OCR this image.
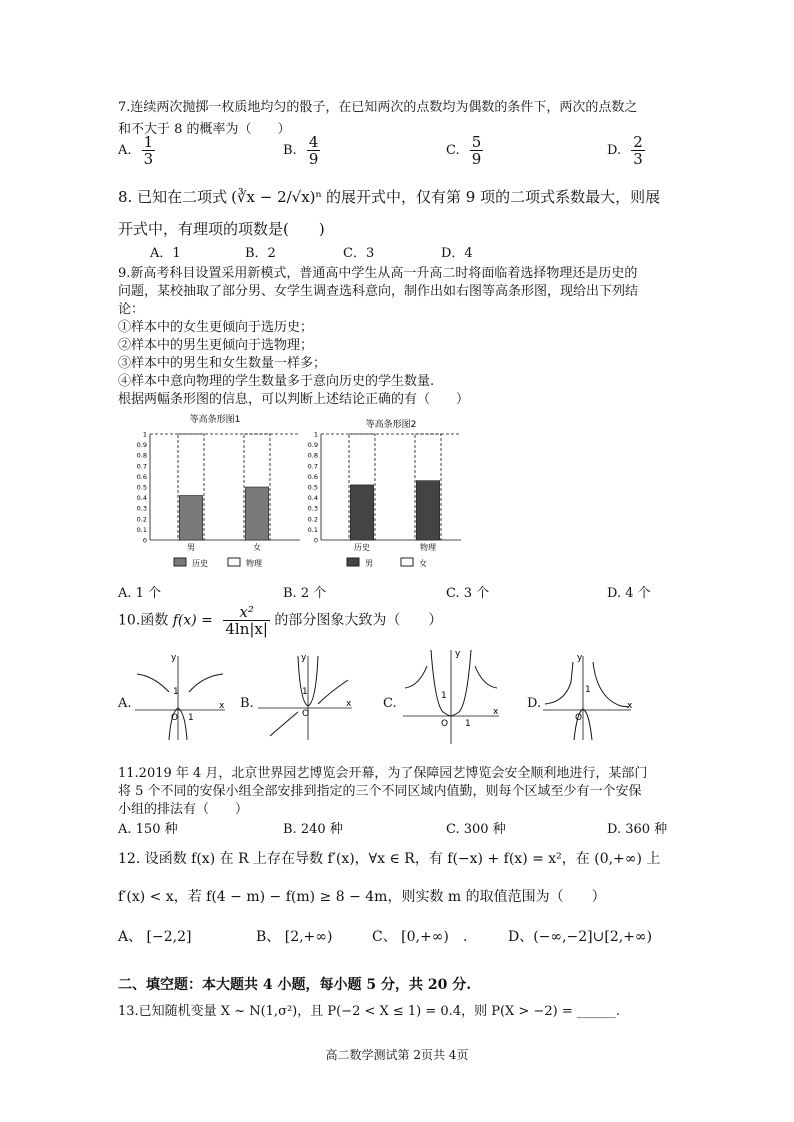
7.连续两次抛掷一枚质地均匀的骰子，在已知两次的点数均为偶数的条件下，两次的点数之
和不大于 8 的概率为（　　）
A. $\frac{1}{3}$	B. $\frac{4}{9}$	C. $\frac{5}{9}$	D. $\frac{2}{3}$
8. 已知在二项式 (∛x − 2/√x)ⁿ 的展开式中，仅有第 9 项的二项式系数最大，则展
开式中，有理项的项数是(　　)
A．1	B．2	C．3	D．4
9.新高考科目设置采用新模式，普通高中学生从高一升高二时将面临着选择物理还是历史的
问题，某校抽取了部分男、女学生调查选科意向，制作出如右图等高条形图，现给出下列结
论：
①样本中的女生更倾向于选历史；
②样本中的男生更倾向于选物理；
③样本中的男生和女生数量一样多；
④样本中意向物理的学生数量多于意向历史的学生数量.
根据两幅条形图的信息，可以判断上述结论正确的有（　　）
等高条形图1
0
0.1
0.2
0.3
0.4
0.5
0.6
0.7
0.8
0.9
1
男	女
历史	物理
等高条形图2
0
0.1
0.2
0.3
0.4
0.5
0.6
0.7
0.8
0.9
1
历史	物理
男	女
A. 1 个	B. 2 个	C. 3 个	D. 4 个
10.函数 $f(x) = \frac{\text{x²}}{4\ln|x|}$ 的部分图象大致为（　　）
A.
y
x
O
1
1
B.
y
x
O
1
C.
y
x
O
1
1
D.
y
x
O
1
11.2019 年 4 月，北京世界园艺博览会开幕，为了保障园艺博览会安全顺利地进行，某部门
将 5 个不同的安保小组全部安排到指定的三个不同区域内值勤，则每个区域至少有一个安保
小组的排法有（　　）
A. 150 种	B. 240 种	C. 300 种	D. 360 种
12. 设函数 f(x) 在 R 上存在导数 f′(x)，∀x ∈ R，有 f(−x) + f(x) = x²，在 (0,+∞) 上
f′(x) < x，若 f(4 − m) − f(m) ≥ 8 − 4m，则实数 m 的取值范围为（　　）
A、 [−2,2]	B、 [2,+∞)	C、 [0,+∞)　.	D、(−∞,−2]∪[2,+∞)
二、填空题：本大题共 4 小题，每小题 5 分，共 20 分.
13.已知随机变量 X ~ N(1,σ²)，且 P(−2 < X ≤ 1) = 0.4，则 P(X > −2) = ______.
高二数学测试第 2页共 4页
